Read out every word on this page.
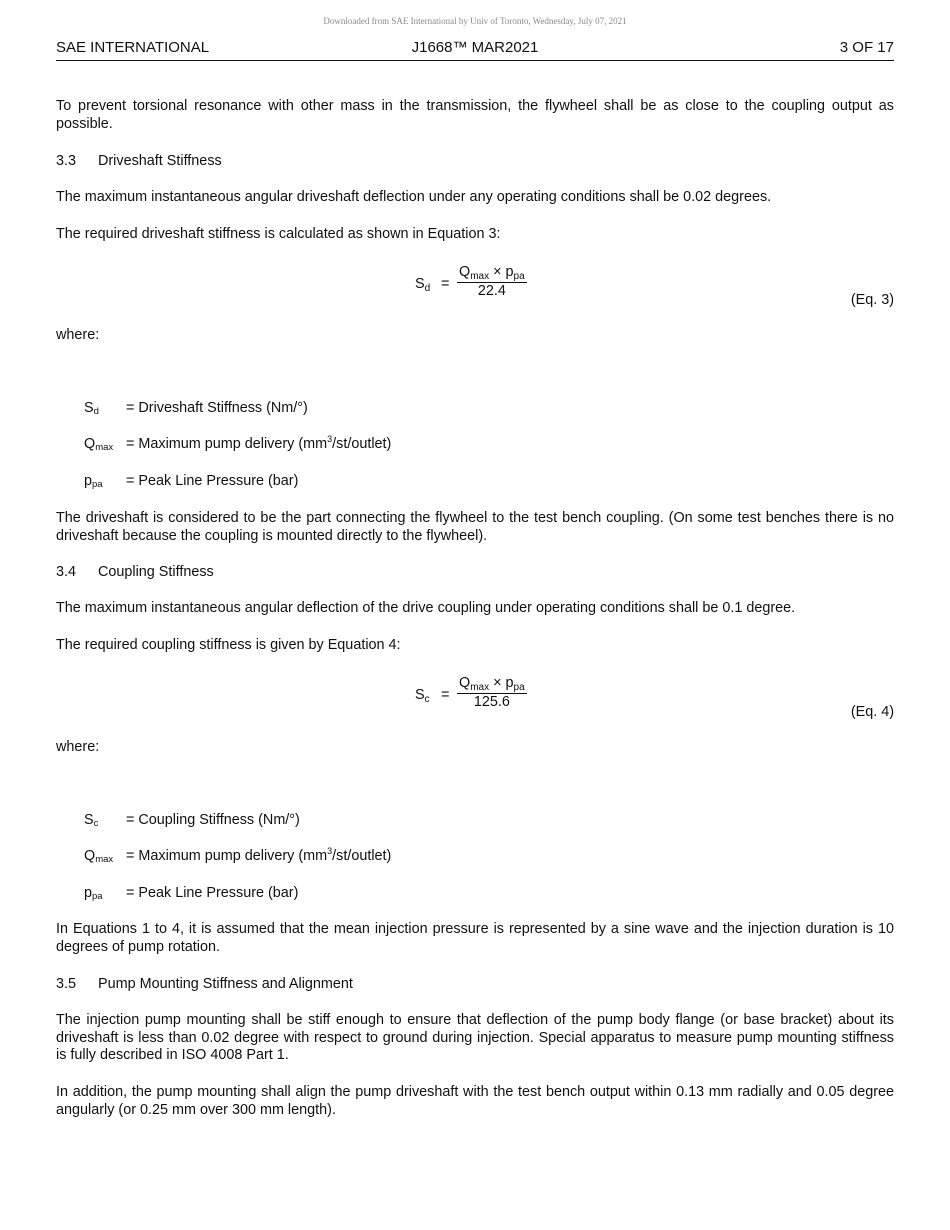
Downloaded from SAE International by Univ of Toronto, Wednesday, July 07, 2021
SAE INTERNATIONAL	J1668™ MAR2021	3 OF 17
To prevent torsional resonance with other mass in the transmission, the flywheel shall be as close to the coupling output as possible.
3.3 Driveshaft Stiffness
The maximum instantaneous angular driveshaft deflection under any operating conditions shall be 0.02 degrees.
The required driveshaft stiffness is calculated as shown in Equation 3:
$S_d$ =
$Q_{max} \times p_{pa}$
22.4
(Eq. 3)
where:
Sd = Driveshaft Stiffness (Nm/°)
Qmax = Maximum pump delivery $(mm^3/st/outlet)$
ppa = Peak Line Pressure (bar)
The driveshaft is considered to be the part connecting the flywheel to the test bench coupling. (On some test benches there is no driveshaft because the coupling is mounted directly to the flywheel).
3.4 Coupling Stiffness
The maximum instantaneous angular deflection of the drive coupling under operating conditions shall be 0.1 degree.
The required coupling stiffness is given by Equation 4:
$S_c$ =
$Q_{max} \times p_{pa}$
125.6
(Eq. 4)
where:
Sc = Coupling Stiffness (Nm/°)
Qmax = Maximum pump delivery $(mm^3/st/outlet)$
ppa = Peak Line Pressure (bar)
In Equations 1 to 4, it is assumed that the mean injection pressure is represented by a sine wave and the injection duration is 10 degrees of pump rotation.
3.5 Pump Mounting Stiffness and Alignment
The injection pump mounting shall be stiff enough to ensure that deflection of the pump body flange (or base bracket) about its driveshaft is less than 0.02 degree with respect to ground during injection. Special apparatus to measure pump mounting stiffness is fully described in ISO 4008 Part 1.
In addition, the pump mounting shall align the pump driveshaft with the test bench output within 0.13 mm radially and 0.05 degree angularly (or 0.25 mm over 300 mm length).
